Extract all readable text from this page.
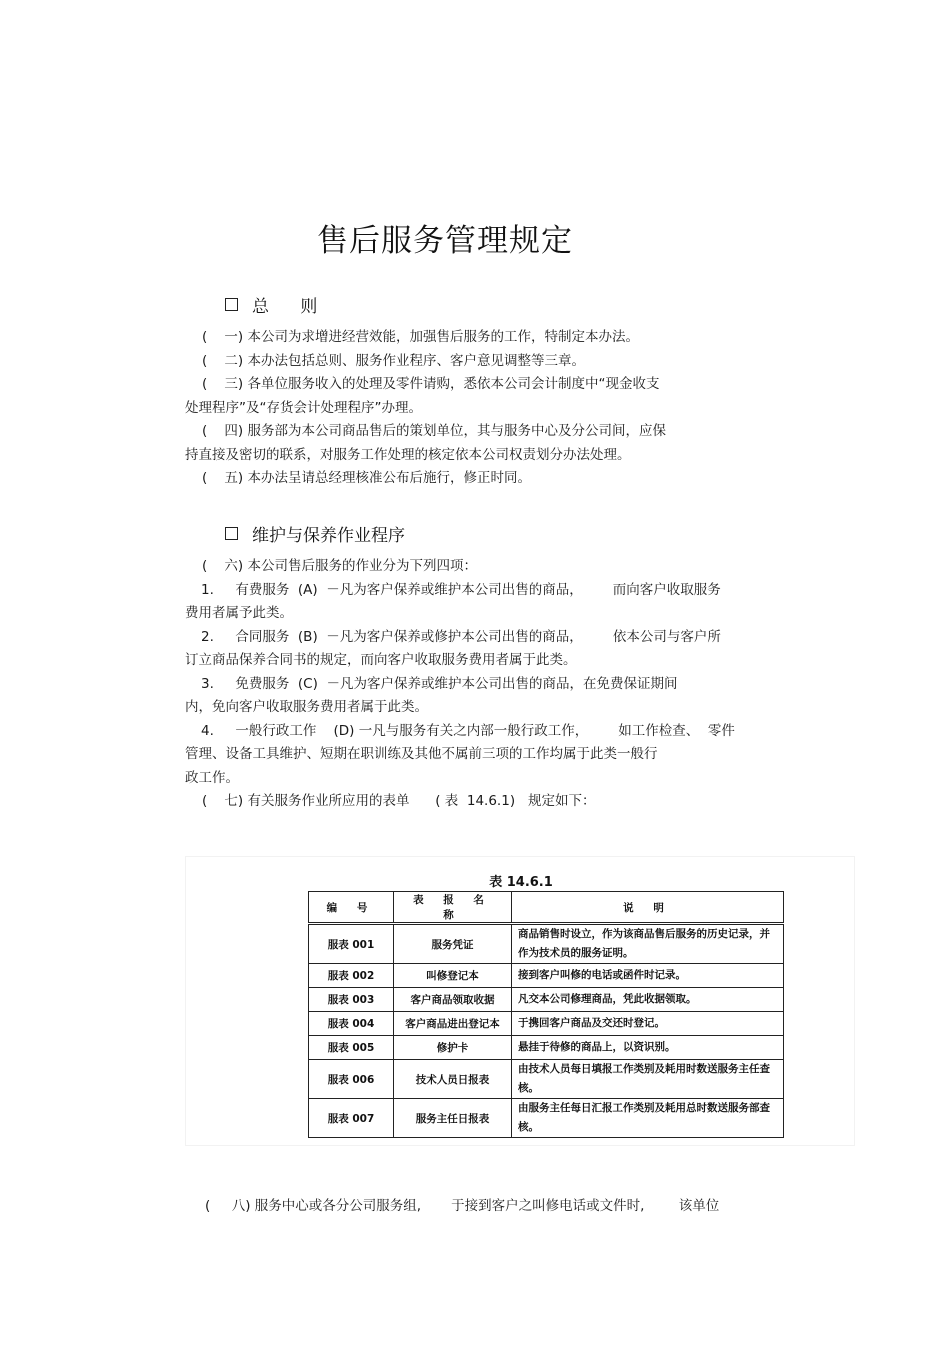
售后服务管理规定
总 则
(    一) 本公司为求增进经营效能，加强售后服务的工作，特制定本办法。
(    二) 本办法包括总则、服务作业程序、客户意见调整等三章。
(    三) 各单位服务收入的处理及零件请购，悉依本公司会计制度中“现金收支
处理程序”及“存货会计处理程序”办理。
(    四) 服务部为本公司商品售后的策划单位，其与服务中心及分公司间，应保
持直接及密切的联系，对服务工作处理的核定依本公司权责划分办法处理。
(    五) 本办法呈请总经理核准公布后施行，修正时同。
维护与保养作业程序
(    六) 本公司售后服务的作业分为下列四项：
1.     有费服务  (A)  －凡为客户保养或维护本公司出售的商品，       而向客户收取服务
费用者属予此类。
2.     合同服务  (B)  －凡为客户保养或修护本公司出售的商品，       依本公司与客户所
订立商品保养合同书的规定，而向客户收取服务费用者属于此类。
3.     免费服务  (C)  －凡为客户保养或维护本公司出售的商品，在免费保证期间
内，免向客户收取服务费用者属于此类。
4.     一般行政工作    (D) 一凡与服务有关之内部一般行政工作，       如工作检查、  零件
管理、设备工具维护、短期在职训练及其他不属前三项的工作均属于此类一般行
政工作。
(    七) 有关服务作业所应用的表单      ( 表  14.6.1)   规定如下：
表 14.6.1
编 号	表 报 名 称	说 明
服表 001	服务凭证	商品销售时设立，作为该商品售后服务的历史记录，并作为技术员的服务证明。
服表 002	叫修登记本	接到客户叫修的电话或函件时记录。
服表 003	客户商品领取收据	凡交本公司修理商品，凭此收据领取。
服表 004	客户商品进出登记本	于携回客户商品及交还时登记。
服表 005	修护卡	悬挂于待修的商品上，以资识别。
服表 006	技术人员日报表	由技术人员每日填报工作类别及耗用时数送服务主任查核。
服表 007	服务主任日报表	由服务主任每日汇报工作类别及耗用总时数送服务部查核。
(     八) 服务中心或各分公司服务组,       于接到客户之叫修电话或文件时,        该单位
